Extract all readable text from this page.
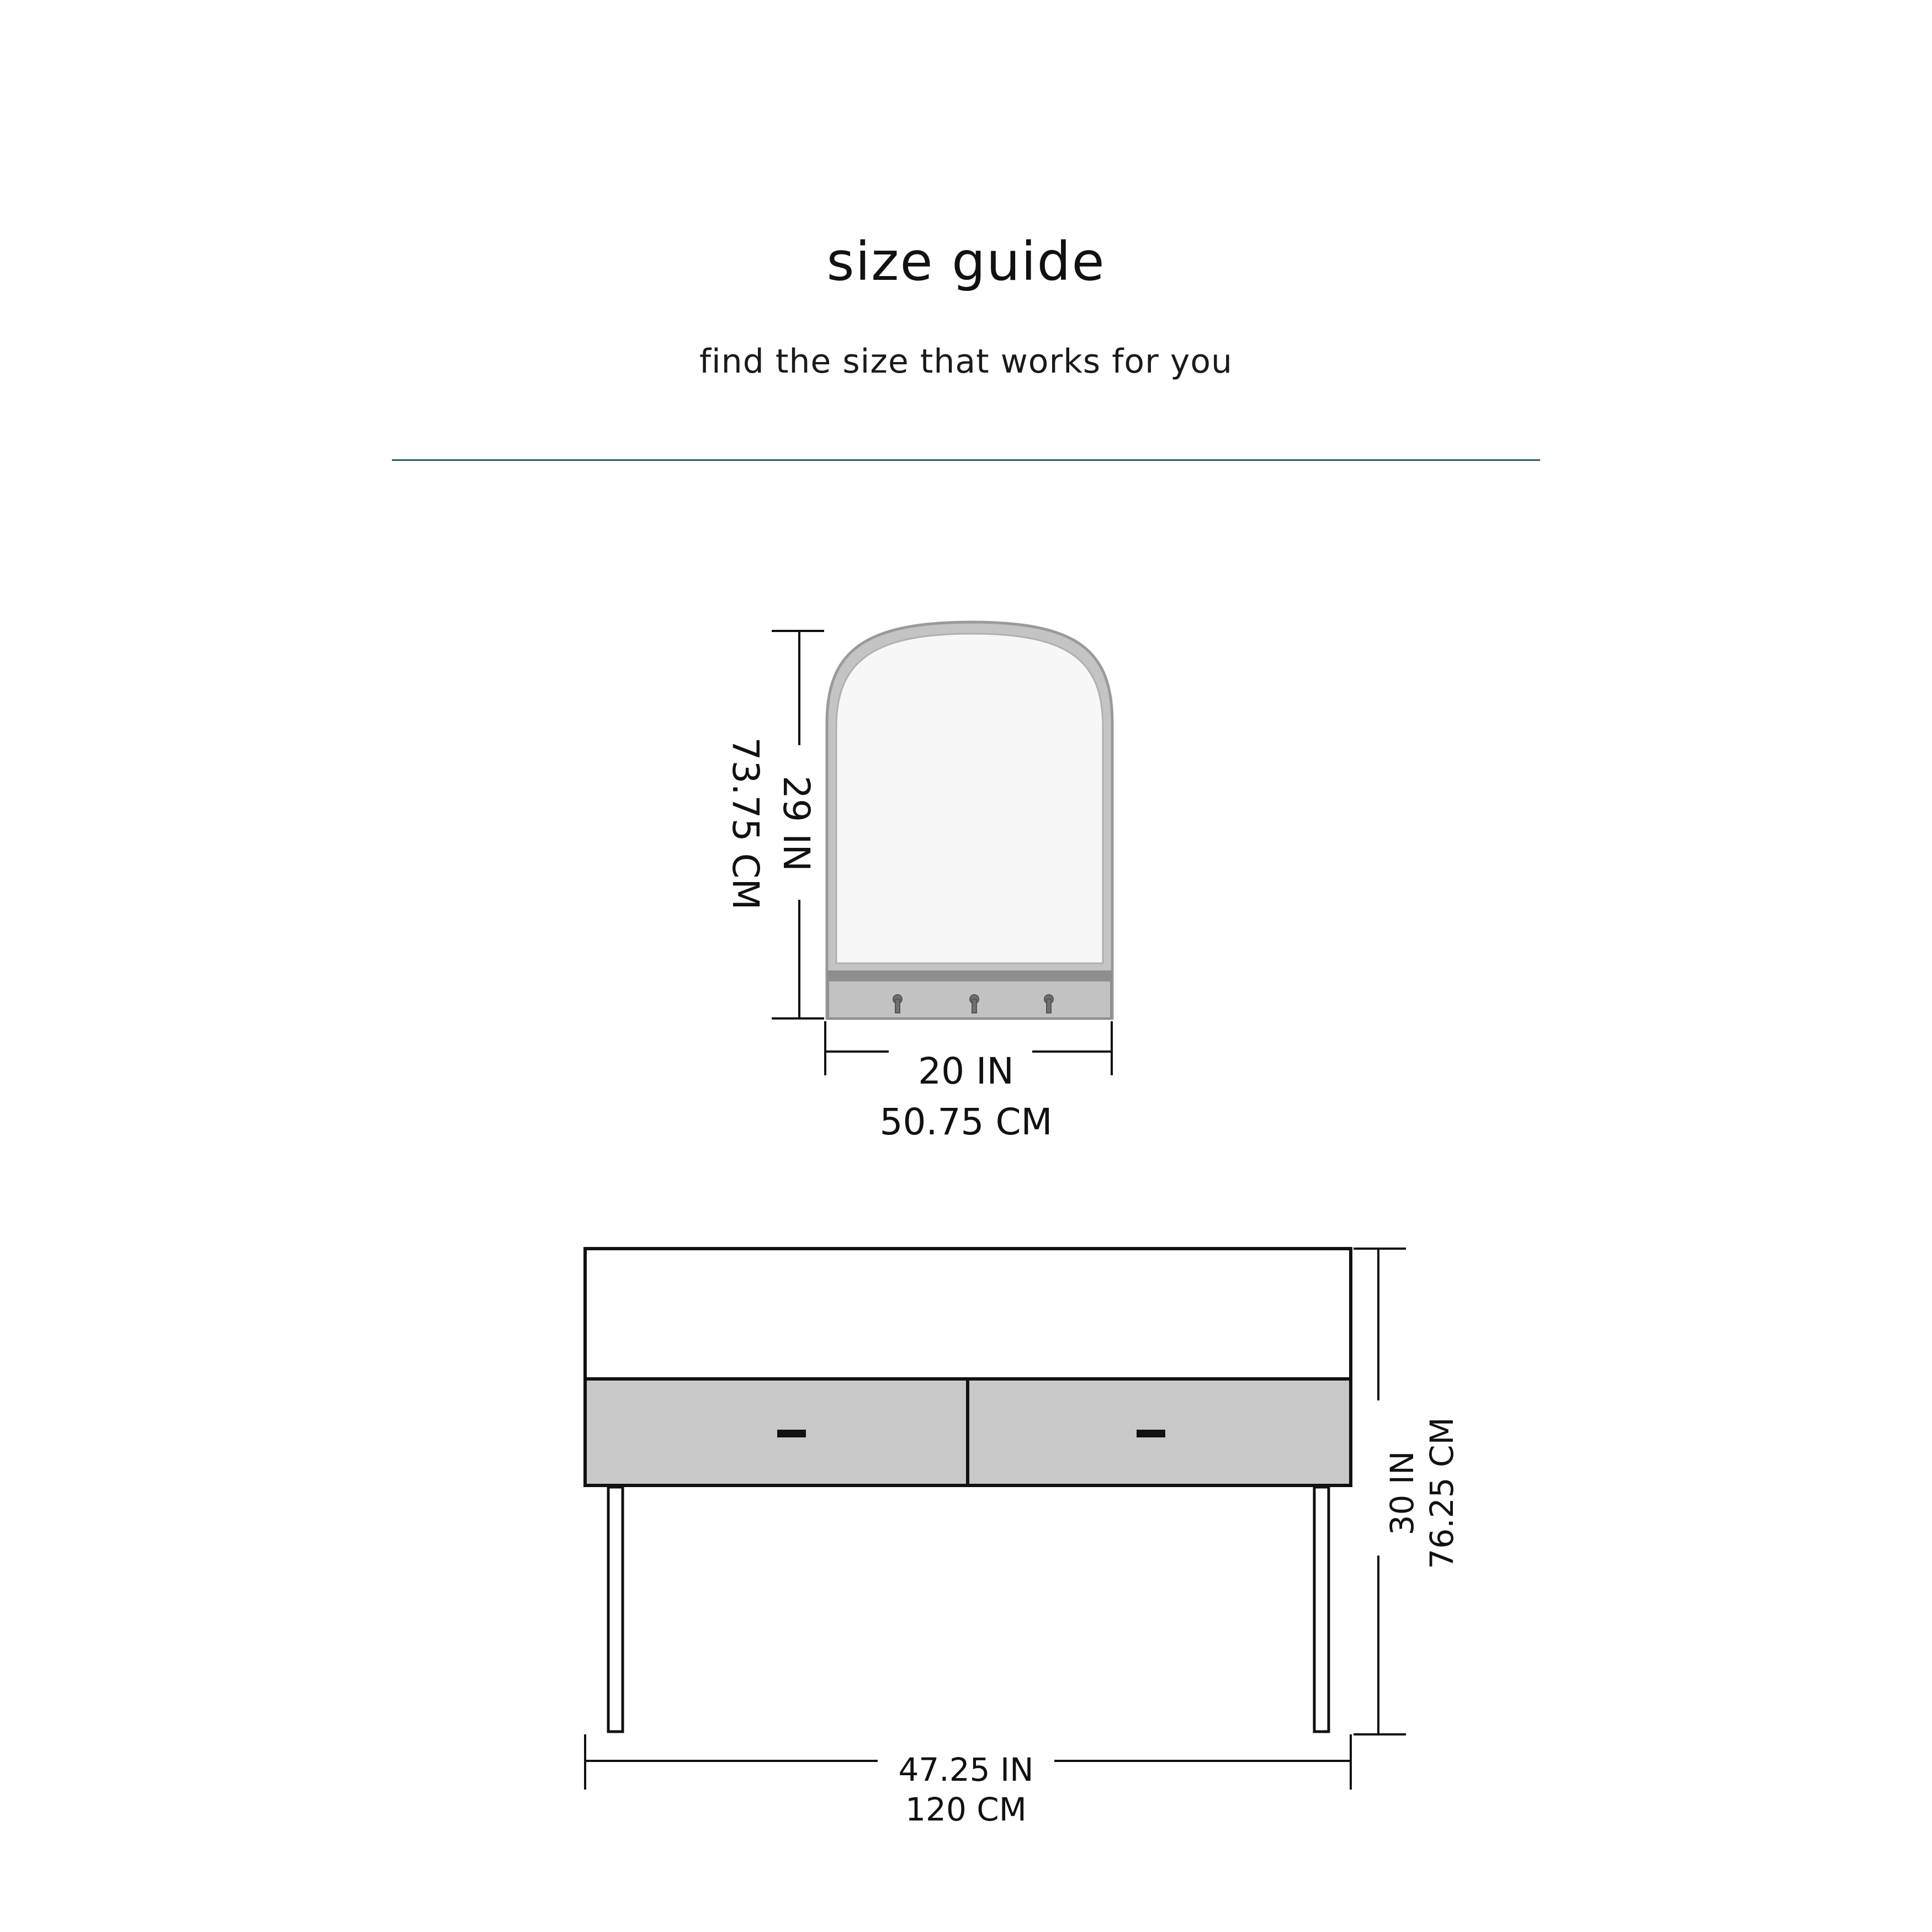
size guide
find the size that works for you
29 IN
73.75 CM
20 IN
50.75 CM
30 IN 76.25 CM
47.25 IN
120 CM
